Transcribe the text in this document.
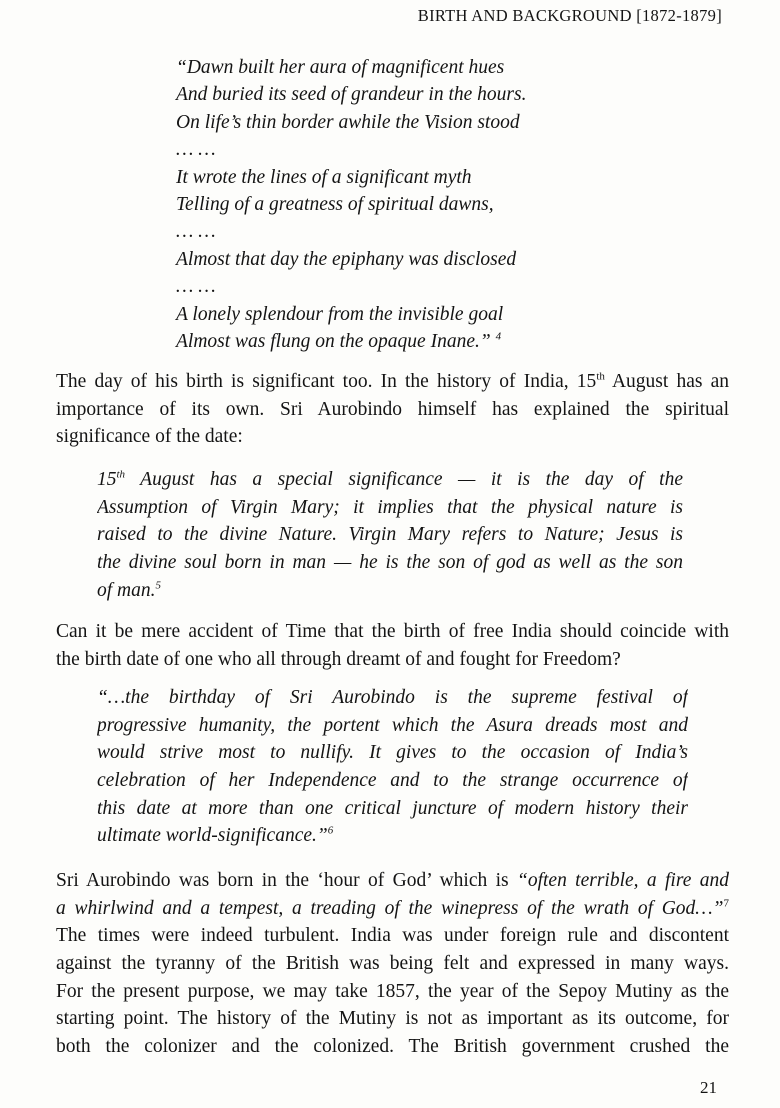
BIRTH AND BACKGROUND [1872-1879]
“Dawn built her aura of magnificent hues
And buried its seed of grandeur in the hours.
On life’s thin border awhile the Vision stood
… …
It wrote the lines of a significant myth
Telling of a greatness of spiritual dawns,
… …
Almost that day the epiphany was disclosed
… …
A lonely splendour from the invisible goal
Almost was flung on the opaque Inane.” $^4$
The day of his birth is significant too. In the history of India, 15th August has an
importance of its own. Sri Aurobindo himself has explained the spiritual
significance of the date:
15th August has a special significance — it is the day of the
Assumption of Virgin Mary; it implies that the physical nature is
raised to the divine Nature. Virgin Mary refers to Nature; Jesus is
the divine soul born in man — he is the son of god as well as the son
of man.$^5$
Can it be mere accident of Time that the birth of free India should coincide with
the birth date of one who all through dreamt of and fought for Freedom?
“…the birthday of Sri Aurobindo is the supreme festival of
progressive humanity, the portent which the Asura dreads most and
would strive most to nullify. It gives to the occasion of India’s
celebration of her Independence and to the strange occurrence of
this date at more than one critical juncture of modern history their
ultimate world-significance.”$^6$
Sri Aurobindo was born in the ‘hour of God’ which is “often terrible, a fire and
a whirlwind and a tempest, a treading of the winepress of the wrath of God…”$^7$
The times were indeed turbulent. India was under foreign rule and discontent
against the tyranny of the British was being felt and expressed in many ways.
For the present purpose, we may take 1857, the year of the Sepoy Mutiny as the
starting point. The history of the Mutiny is not as important as its outcome, for
both the colonizer and the colonized. The British government crushed the
21
